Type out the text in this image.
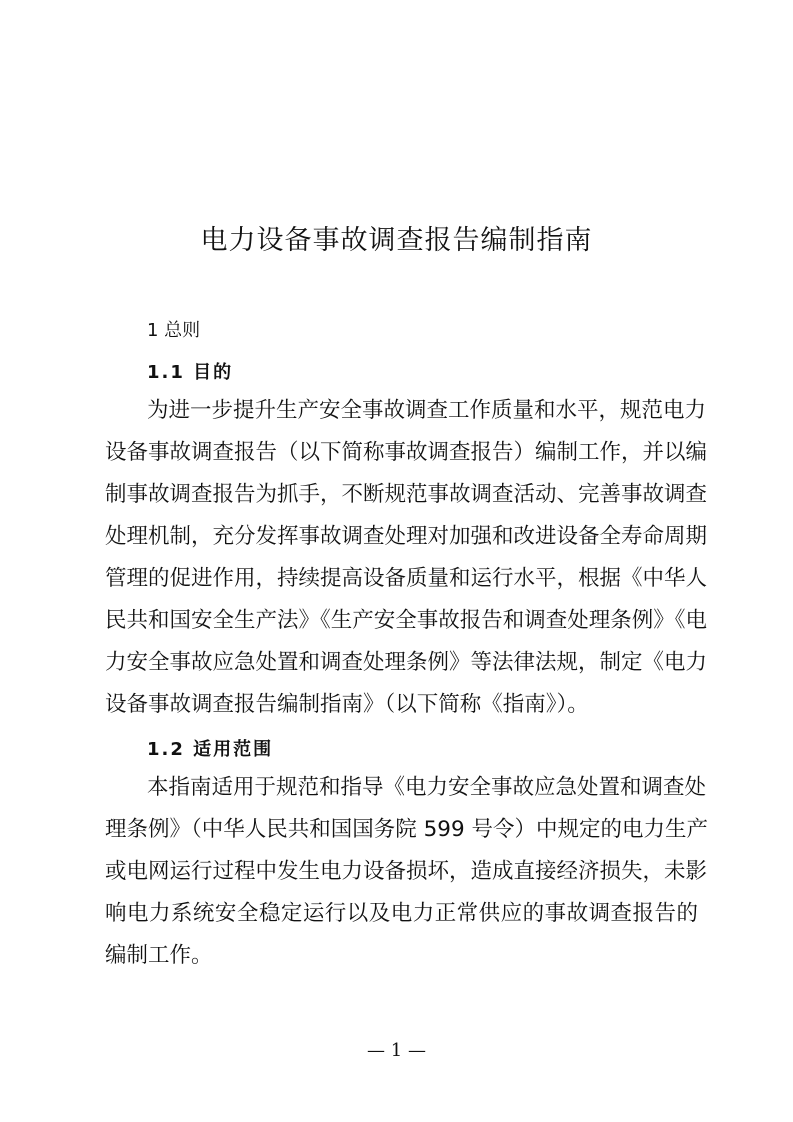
电力设备事故调查报告编制指南
1 总则
1.1 目的
为进一步提升生产安全事故调查工作质量和水平，规范电力
设备事故调查报告（以下简称事故调查报告）编制工作，并以编
制事故调查报告为抓手，不断规范事故调查活动、完善事故调查
处理机制，充分发挥事故调查处理对加强和改进设备全寿命周期
管理的促进作用，持续提高设备质量和运行水平，根据《中华人
民共和国安全生产法》《生产安全事故报告和调查处理条例》《电
力安全事故应急处置和调查处理条例》等法律法规，制定《电力
设备事故调查报告编制指南》（以下简称《指南》）。
1.2 适用范围
本指南适用于规范和指导《电力安全事故应急处置和调查处
理条例》（中华人民共和国国务院 599 号令）中规定的电力生产
或电网运行过程中发生电力设备损坏，造成直接经济损失，未影
响电力系统安全稳定运行以及电力正常供应的事故调查报告的
编制工作。
— 1 —
